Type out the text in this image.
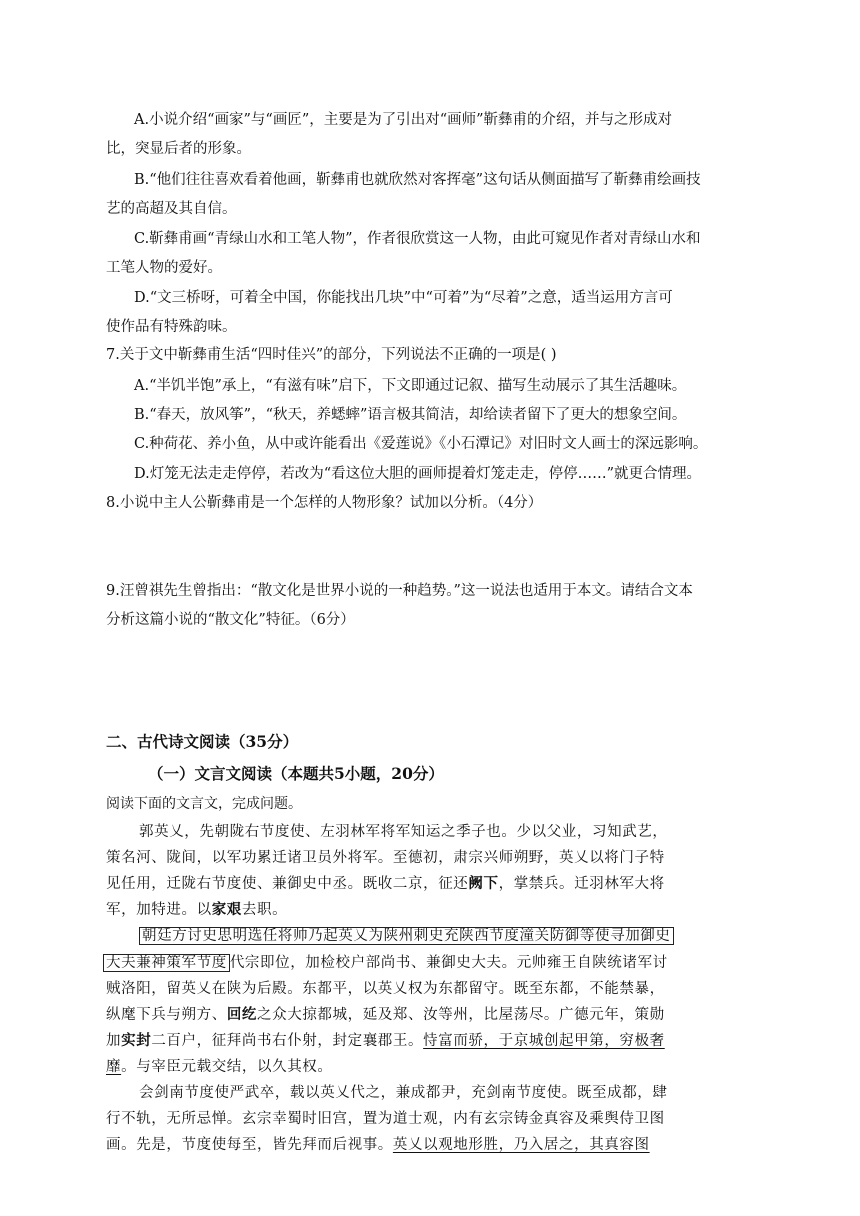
A.小说介绍“画家”与“画匠”，主要是为了引出对“画师”靳彝甫的介绍，并与之形成对
比，突显后者的形象。
B.“他们往往喜欢看着他画，靳彝甫也就欣然对客挥毫”这句话从侧面描写了靳彝甫绘画技
艺的高超及其自信。
C.靳彝甫画“青绿山水和工笔人物”，作者很欣赏这一人物，由此可窥见作者对青绿山水和
工笔人物的爱好。
D.“文三桥呀，可着全中国，你能找出几块”中“可着”为“尽着”之意，适当运用方言可
使作品有特殊韵味。
7.关于文中靳彝甫生活“四时佳兴”的部分，下列说法不正确的一项是( )
A.“半饥半饱”承上，“有滋有味”启下，下文即通过记叙、描写生动展示了其生活趣味。
B.“春天，放风筝”，“秋天，养蟋蟀”语言极其简洁，却给读者留下了更大的想象空间。
C.种荷花、养小鱼，从中或许能看出《爱莲说》《小石潭记》对旧时文人画士的深远影响。
D.灯笼无法走走停停，若改为“看这位大胆的画师提着灯笼走走，停停……”就更合情理。
8.小说中主人公靳彝甫是一个怎样的人物形象？试加以分析。（4分）
9.汪曾祺先生曾指出：“散文化是世界小说的一种趋势。”这一说法也适用于本文。请结合文本
分析这篇小说的“散文化”特征。（6分）
二、古代诗文阅读（35分）
（一）文言文阅读（本题共5小题，20分）
阅读下面的文言文，完成问题。
郭英乂，先朝陇右节度使、左羽林军将军知运之季子也。少以父业，习知武艺，
策名河、陇间，以军功累迁诸卫员外将军。至德初，肃宗兴师朔野，英乂以将门子特
见任用，迁陇右节度使、兼御史中丞。既收二京，征还阙下，掌禁兵。迁羽林军大将
军，加特进。以家艰去职。
朝廷方讨史思明选任将帅乃起英乂为陕州刺史充陕西节度潼关防御等使寻加御史
大夫兼神策军节度 代宗即位，加检校户部尚书、兼御史大夫。元帅雍王自陕统诸军讨
贼洛阳，留英乂在陕为后殿。东都平，以英乂权为东都留守。既至东都，不能禁暴，
纵麾下兵与朔方、回纥之众大掠都城，延及郑、汝等州，比屋荡尽。广德元年，策勋
加实封二百户，征拜尚书右仆射，封定襄郡王。恃富而骄，于京城创起甲第，穷极奢
靡。与宰臣元载交结，以久其权。
会剑南节度使严武卒，载以英乂代之，兼成都尹，充剑南节度使。既至成都，肆
行不轨，无所忌惮。玄宗幸蜀时旧宫，置为道士观，内有玄宗铸金真容及乘舆侍卫图
画。先是，节度使每至，皆先拜而后视事。英乂以观地形胜，乃入居之，其真容图
